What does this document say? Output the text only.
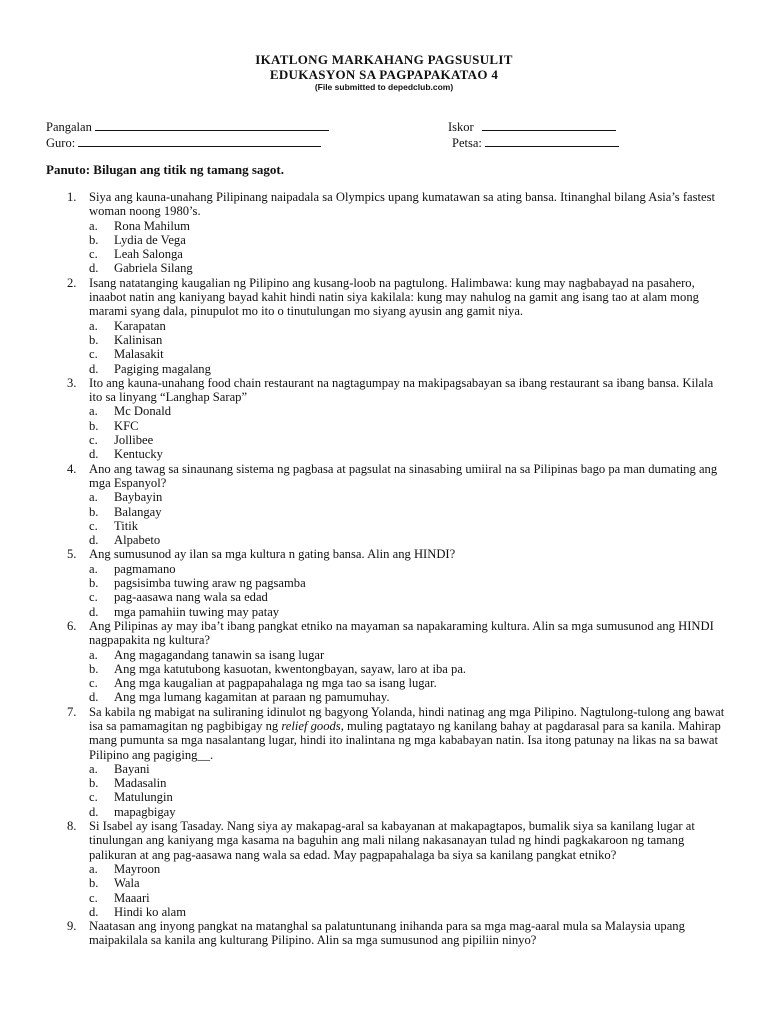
IKATLONG MARKAHANG PAGSUSULIT
EDUKASYON SA PAGPAPAKATAO 4
(File submitted to depedclub.com)
Pangalan	Iskor
Guro:	Petsa:
Panuto: Bilugan ang titik ng tamang sagot.
1. Siya ang kauna-unahang Pilipinang naipadala sa Olympics upang kumatawan sa ating bansa. Itinanghal bilang Asia’s fastest woman noong 1980’s.
a. Rona Mahilum
b. Lydia de Vega
c. Leah Salonga
d. Gabriela Silang
2. Isang natatanging kaugalian ng Pilipino ang kusang-loob na pagtulong. Halimbawa: kung may nagbabayad na pasahero, inaabot natin ang kaniyang bayad kahit hindi natin siya kakilala: kung may nahulog na gamit ang isang tao at alam mong marami syang dala, pinupulot mo ito o tinutulungan mo siyang ayusin ang gamit niya.
a. Karapatan
b. Kalinisan
c. Malasakit
d. Pagiging magalang
3. Ito ang kauna-unahang food chain restaurant na nagtagumpay na makipagsabayan sa ibang restaurant sa ibang bansa. Kilala ito sa linyang “Langhap Sarap”
a. Mc Donald
b. KFC
c. Jollibee
d. Kentucky
4. Ano ang tawag sa sinaunang sistema ng pagbasa at pagsulat na sinasabing umiiral na sa Pilipinas bago pa man dumating ang mga Espanyol?
a. Baybayin
b. Balangay
c. Titik
d. Alpabeto
5. Ang sumusunod ay ilan sa mga kultura n gating bansa. Alin ang HINDI?
a. pagmamano
b. pagsisimba tuwing araw ng pagsamba
c. pag-aasawa nang wala sa edad
d. mga pamahiin tuwing may patay
6. Ang Pilipinas ay may iba’t ibang pangkat etniko na mayaman sa napakaraming kultura. Alin sa mga sumusunod ang HINDI nagpapakita ng kultura?
a. Ang magagandang tanawin sa isang lugar
b. Ang mga katutubong kasuotan, kwentongbayan, sayaw, laro at iba pa.
c. Ang mga kaugalian at pagpapahalaga ng mga tao sa isang lugar.
d. Ang mga lumang kagamitan at paraan ng pamumuhay.
7. Sa kabila ng mabigat na suliraning idinulot ng bagyong Yolanda, hindi natinag ang mga Pilipino. Nagtulong-tulong ang bawat isa sa pamamagitan ng pagbibigay ng relief goods, muling pagtatayo ng kanilang bahay at pagdarasal para sa kanila. Mahirap mang pumunta sa mga nasalantang lugar, hindi ito inalintana ng mga kababayan natin. Isa itong patunay na likas na sa bawat Pilipino ang pagiging__.
a. Bayani
b. Madasalin
c. Matulungin
d. mapagbigay
8. Si Isabel ay isang Tasaday. Nang siya ay makapag-aral sa kabayanan at makapagtapos, bumalik siya sa kanilang lugar at tinulungan ang kaniyang mga kasama na baguhin ang mali nilang nakasanayan tulad ng hindi pagkakaroon ng tamang palikuran at ang pag-aasawa nang wala sa edad. May pagpapahalaga ba siya sa kanilang pangkat etniko?
a. Mayroon
b. Wala
c. Maaari
d. Hindi ko alam
9. Naatasan ang inyong pangkat na matanghal sa palatuntunang inihanda para sa mga mag-aaral mula sa Malaysia upang maipakilala sa kanila ang kulturang Pilipino. Alin sa mga sumusunod ang pipiliin ninyo?
